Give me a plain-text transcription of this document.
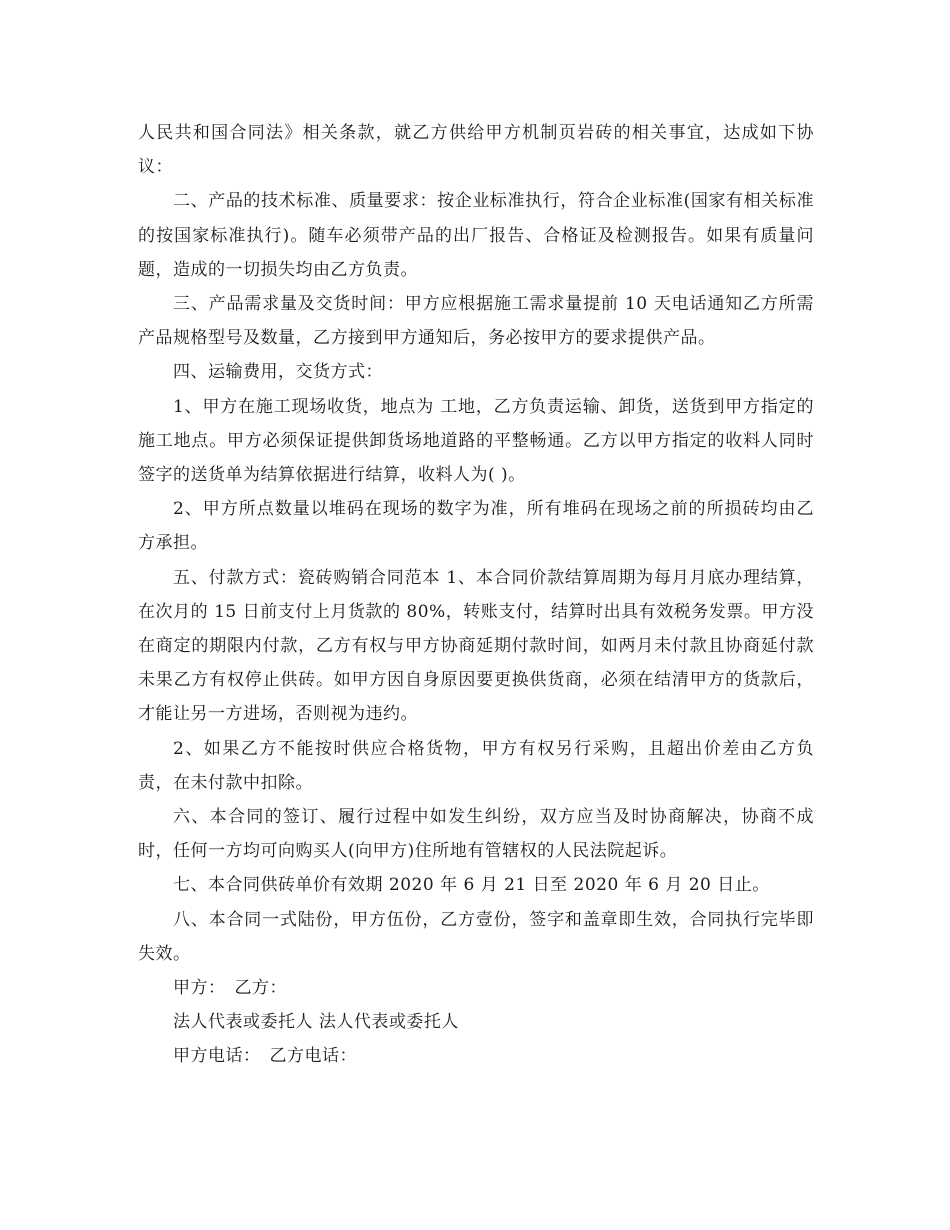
人民共和国合同法》相关条款，就乙方供给甲方机制页岩砖的相关事宜，达成如下协议：

二、产品的技术标准、质量要求：按企业标准执行，符合企业标准(国家有相关标准的按国家标准执行)。随车必须带产品的出厂报告、合格证及检测报告。如果有质量问题，造成的一切损失均由乙方负责。

三、产品需求量及交货时间：甲方应根据施工需求量提前 10 天电话通知乙方所需产品规格型号及数量，乙方接到甲方通知后，务必按甲方的要求提供产品。

四、运输费用，交货方式：

1、甲方在施工现场收货，地点为 工地，乙方负责运输、卸货，送货到甲方指定的施工地点。甲方必须保证提供卸货场地道路的平整畅通。乙方以甲方指定的收料人同时签字的送货单为结算依据进行结算，收料人为( )。

2、甲方所点数量以堆码在现场的数字为准，所有堆码在现场之前的所损砖均由乙方承担。

五、付款方式：瓷砖购销合同范本 1、本合同价款结算周期为每月月底办理结算，在次月的 15 日前支付上月货款的 80%，转账支付，结算时出具有效税务发票。甲方没在商定的期限内付款，乙方有权与甲方协商延期付款时间，如两月未付款且协商延付款未果乙方有权停止供砖。如甲方因自身原因要更换供货商，必须在结清甲方的货款后，才能让另一方进场，否则视为违约。

2、如果乙方不能按时供应合格货物，甲方有权另行采购，且超出价差由乙方负责，在未付款中扣除。

六、本合同的签订、履行过程中如发生纠纷，双方应当及时协商解决，协商不成时，任何一方均可向购买人(向甲方)住所地有管辖权的人民法院起诉。

七、本合同供砖单价有效期 2020 年 6 月 21 日至 2020 年 6 月 20 日止。

八、本合同一式陆份，甲方伍份，乙方壹份，签字和盖章即生效，合同执行完毕即失效。

甲方：　乙方：

法人代表或委托人 法人代表或委托人

甲方电话：　乙方电话：
